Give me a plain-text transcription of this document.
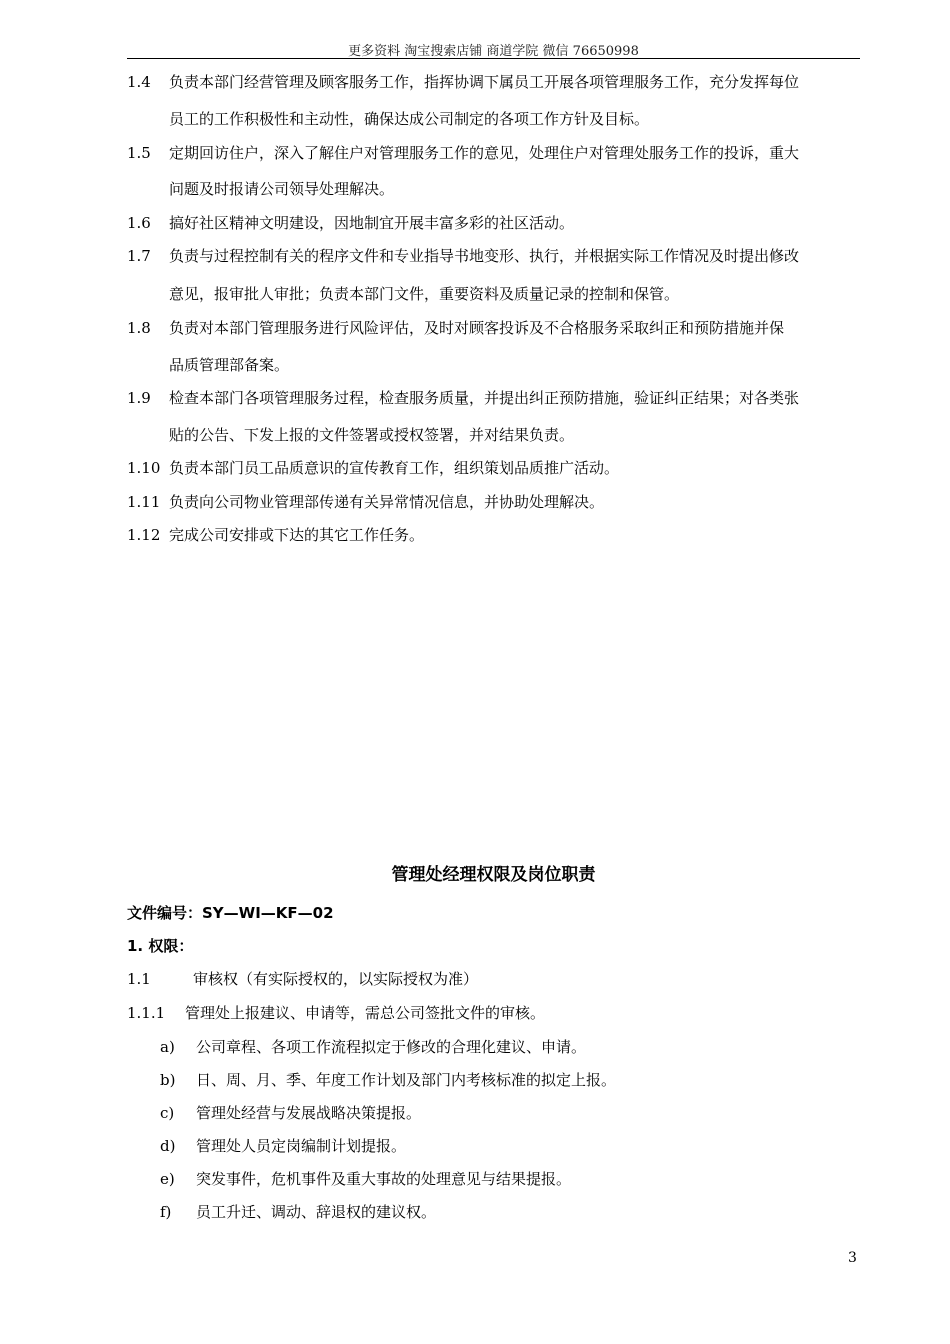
更多资料 淘宝搜索店铺 商道学院 微信 76650998
1.4 负责本部门经营管理及顾客服务工作，指挥协调下属员工开展各项管理服务工作，充分发挥每位
员工的工作积极性和主动性，确保达成公司制定的各项工作方针及目标。
1.5 定期回访住户，深入了解住户对管理服务工作的意见，处理住户对管理处服务工作的投诉，重大
问题及时报请公司领导处理解决。
1.6 搞好社区精神文明建设，因地制宜开展丰富多彩的社区活动。
1.7 负责与过程控制有关的程序文件和专业指导书地变形、执行，并根据实际工作情况及时提出修改
意见，报审批人审批；负责本部门文件，重要资料及质量记录的控制和保管。
1.8 负责对本部门管理服务进行风险评估，及时对顾客投诉及不合格服务采取纠正和预防措施并保
品质管理部备案。
1.9 检查本部门各项管理服务过程，检查服务质量，并提出纠正预防措施，验证纠正结果；对各类张
贴的公告、下发上报的文件签署或授权签署，并对结果负责。
1.10 负责本部门员工品质意识的宣传教育工作，组织策划品质推广活动。
1.11 负责向公司物业管理部传递有关异常情况信息，并协助处理解决。
1.12 完成公司安排或下达的其它工作任务。
管理处经理权限及岗位职责
文件编号：SY—WI—KF—02
1. 权限：
1.1	审核权（有实际授权的，以实际授权为准）
1.1.1 管理处上报建议、申请等，需总公司签批文件的审核。
a) 公司章程、各项工作流程拟定于修改的合理化建议、申请。
b) 日、周、月、季、年度工作计划及部门内考核标准的拟定上报。
c) 管理处经营与发展战略决策提报。
d) 管理处人员定岗编制计划提报。
e) 突发事件，危机事件及重大事故的处理意见与结果提报。
f) 员工升迁、调动、辞退权的建议权。
3
